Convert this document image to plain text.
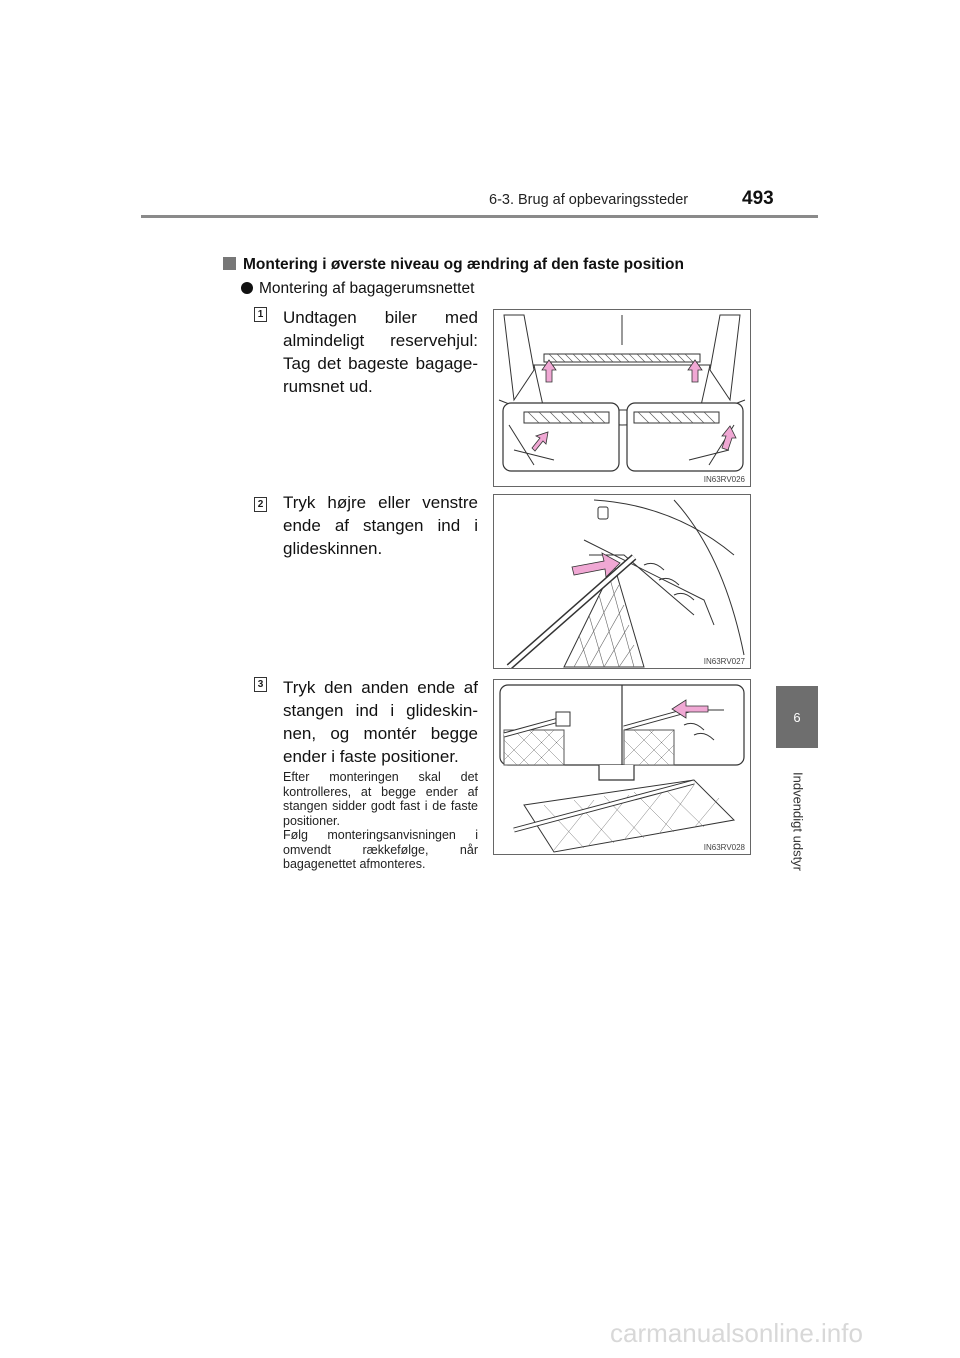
6-3. Brug af opbevaringssteder	493
6
Indvendigt udstyr
Montering i øverste niveau og ændring af den faste position
Montering af bagagerumsnettet
1 Undtagen biler med almindeligt reservehjul: Tag det bageste bagagerumsnet ud.
IN63RV026
2 Tryk højre eller venstre ende af stangen ind i glideskinnen.
IN63RV027
3 Tryk den anden ende af stangen ind i glideskinnen, og montér begge ender i faste positioner.

Efter monteringen skal det kontrolleres, at begge ender af stangen sidder godt fast i de faste positioner.

Følg monteringsanvisningen i omvendt rækkefølge, når bagagenettet afmonteres.

IN63RV028
carmanualsonline.info
